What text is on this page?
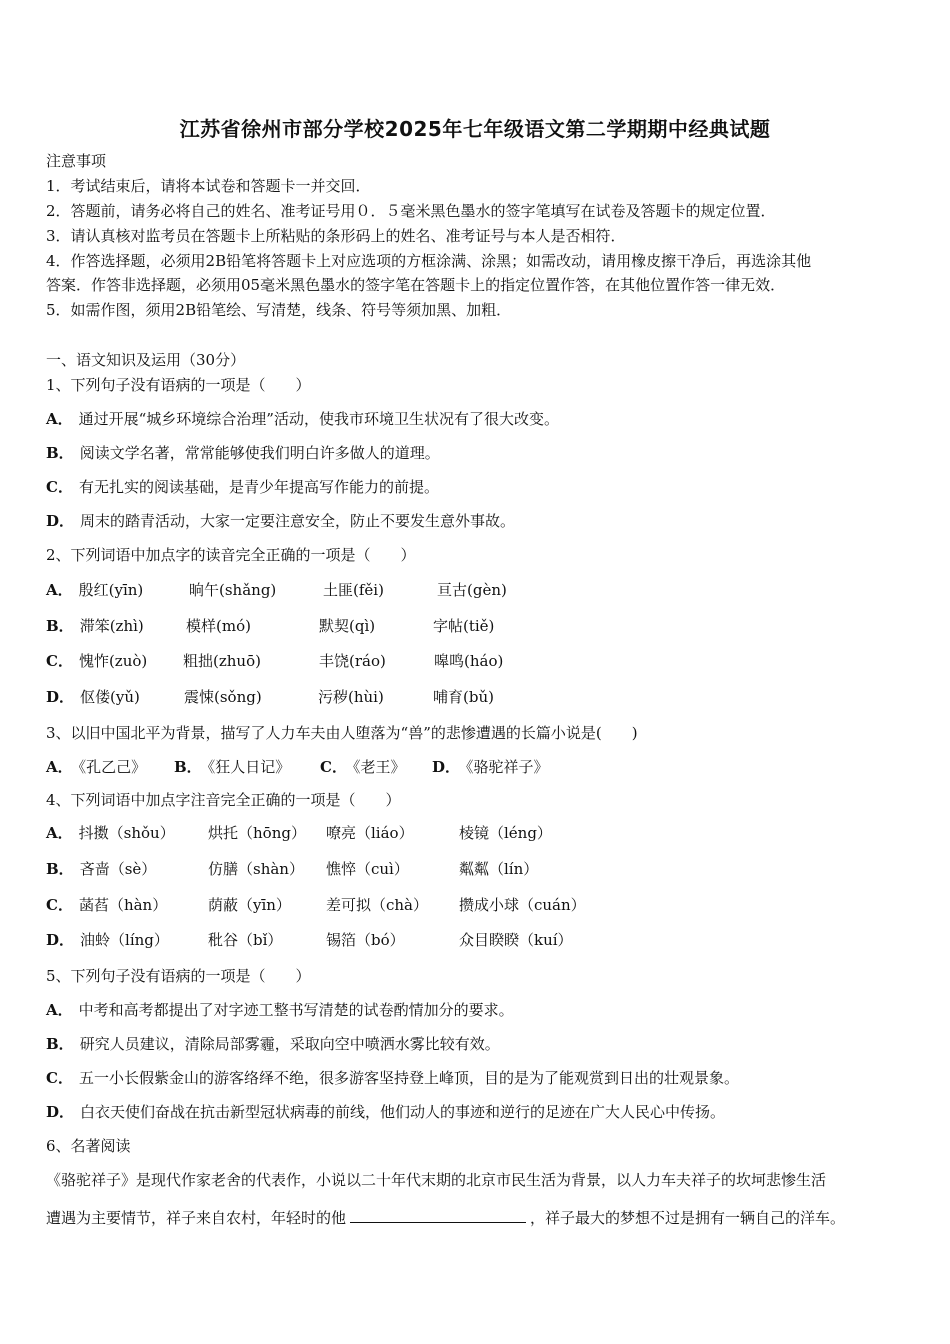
江苏省徐州市部分学校2025年七年级语文第二学期期中经典试题
注意事项
1．考试结束后，请将本试卷和答题卡一并交回．
2．答题前，请务必将自己的姓名、准考证号用０．５毫米黑色墨水的签字笔填写在试卷及答题卡的规定位置．
3．请认真核对监考员在答题卡上所粘贴的条形码上的姓名、准考证号与本人是否相符．
4．作答选择题，必须用2B铅笔将答题卡上对应选项的方框涂满、涂黑；如需改动，请用橡皮擦干净后，再选涂其他
答案．作答非选择题，必须用05毫米黑色墨水的签字笔在答题卡上的指定位置作答，在其他位置作答一律无效．
5．如需作图，须用2B铅笔绘、写清楚，线条、符号等须加黑、加粗．
一、语文知识及运用（30分）
1、下列句子没有语病的一项是（　　）
A． 通过开展“城乡环境综合治理”活动，使我市环境卫生状况有了很大改变。
B． 阅读文学名著，常常能够使我们明白许多做人的道理。
C． 有无扎实的阅读基础，是青少年提高写作能力的前提。
D． 周末的踏青活动，大家一定要注意安全，防止不要发生意外事故。
2、下列词语中加点字的读音完全正确的一项是（　　）
A． 殷红(yīn)	晌午(shǎng)	土匪(fěi)	亘古(gèn)
B． 滞笨(zhì)	模样(mó)	默契(qì)	字帖(tiě)
C． 愧怍(zuò) 粗拙(zhuō)	丰饶(ráo)	嗥鸣(háo)
D． 伛偻(yǔ)	震悚(sǒng)	污秽(hùi)	哺育(bǔ)
3、以旧中国北平为背景，描写了人力车夫由人堕落为“兽”的悲惨遭遇的长篇小说是(　　)
A． 《孔乙己》 B． 《狂人日记》 C． 《老王》 D． 《骆驼祥子》
4、下列词语中加点字注音完全正确的一项是（　　）
A． 抖擞（shǒu） 烘托（hōng） 嘹亮（liáo）	棱镜（léng）
B． 吝啬（sè）	仿膳（shàn） 憔悴（cuì）	粼粼（lín）
C． 菡萏（hàn）	荫蔽（yīn） 差可拟（chà） 攒成小球（cuán）
D． 油蛉（líng）	秕谷（bǐ）	锡箔（bó）	众目睽睽（kuí）
5、下列句子没有语病的一项是（　　）
A． 中考和高考都提出了对字迹工整书写清楚的试卷酌情加分的要求。
B． 研究人员建议，清除局部雾霾，采取向空中喷洒水雾比较有效。
C． 五一小长假紫金山的游客络绎不绝，很多游客坚持登上峰顶，目的是为了能观赏到日出的壮观景象。
D． 白衣天使们奋战在抗击新型冠状病毒的前线，他们动人的事迹和逆行的足迹在广大人民心中传扬。
6、名著阅读
《骆驼祥子》是现代作家老舍的代表作，小说以二十年代末期的北京市民生活为背景，以人力车夫祥子的坎坷悲惨生活
遭遇为主要情节，祥子来自农村，年轻时的他	，祥子最大的梦想不过是拥有一辆自己的洋车。
